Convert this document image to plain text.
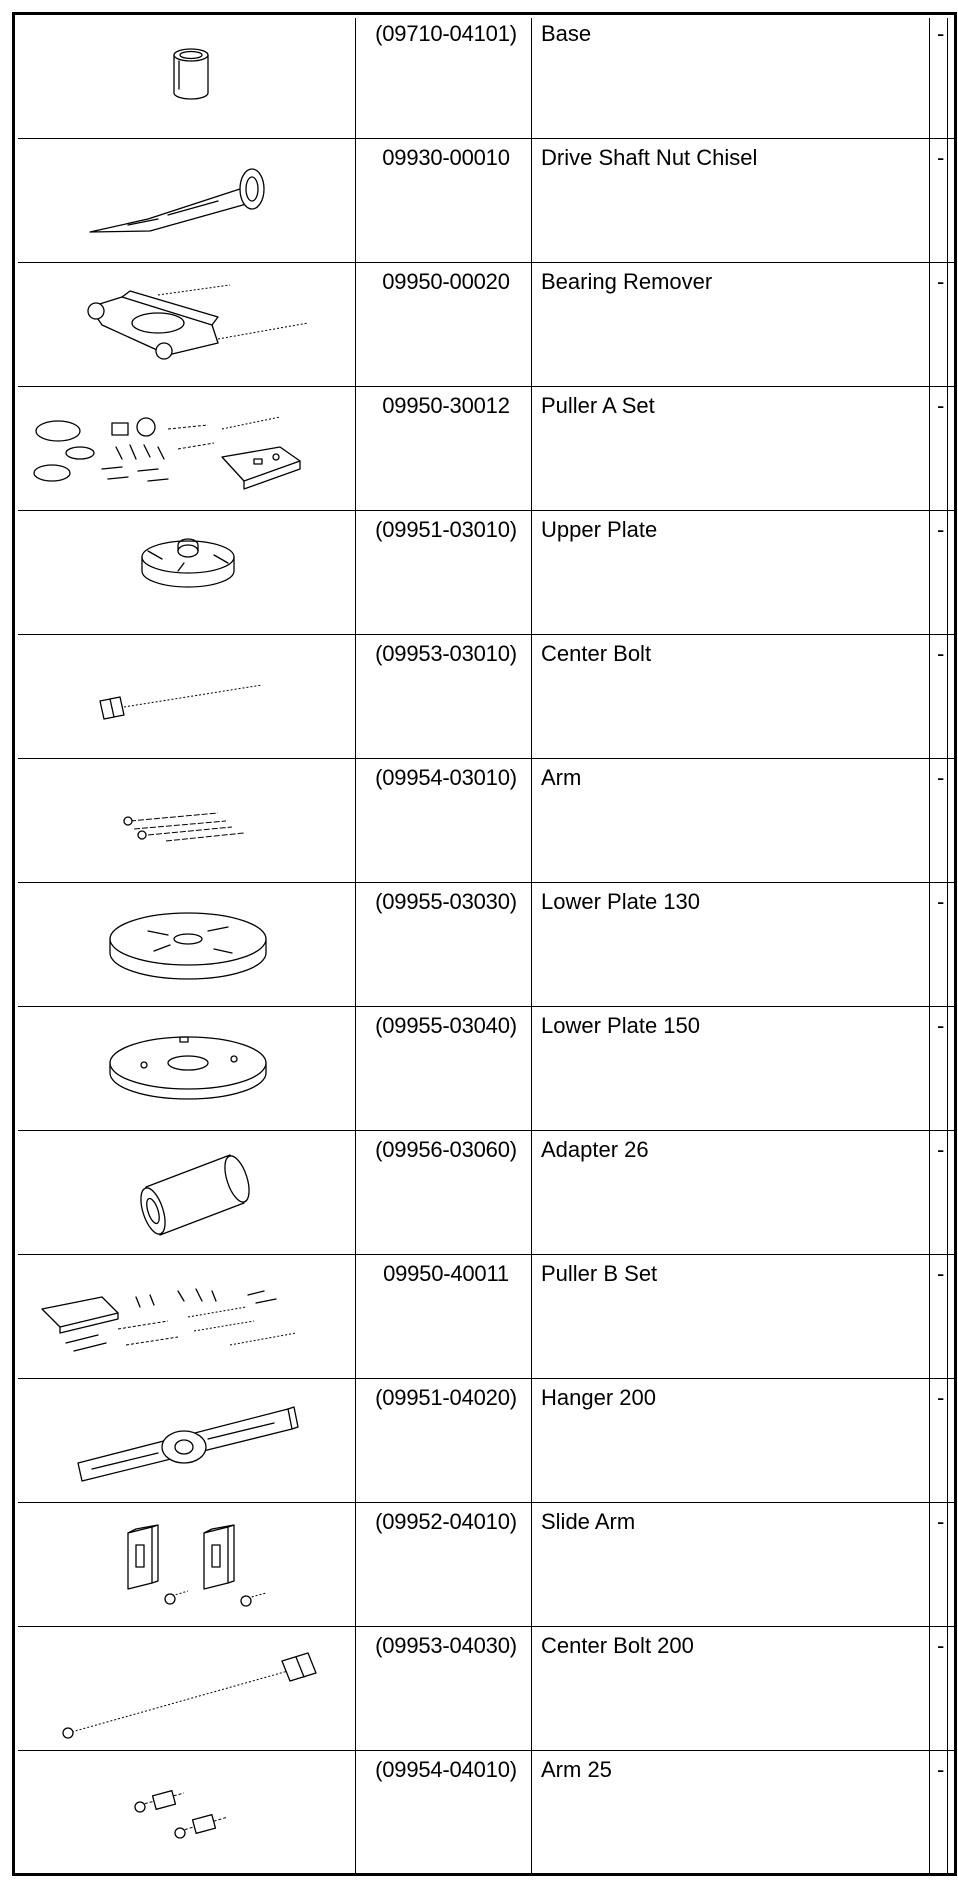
(09710-04101)	Base	-
09930-00010	Drive Shaft Nut Chisel	-
09950-00020	Bearing Remover	-
09950-30012	Puller A Set	-
(09951-03010)	Upper Plate	-
(09953-03010)	Center Bolt	-
(09954-03010)	Arm	-
(09955-03030)	Lower Plate 130	-
(09955-03040)	Lower Plate 150	-
(09956-03060)	Adapter 26	-
09950-40011	Puller B Set	-
(09951-04020)	Hanger 200	-
(09952-04010)	Slide Arm	-
(09953-04030)	Center Bolt 200	-
(09954-04010)	Arm 25	-
